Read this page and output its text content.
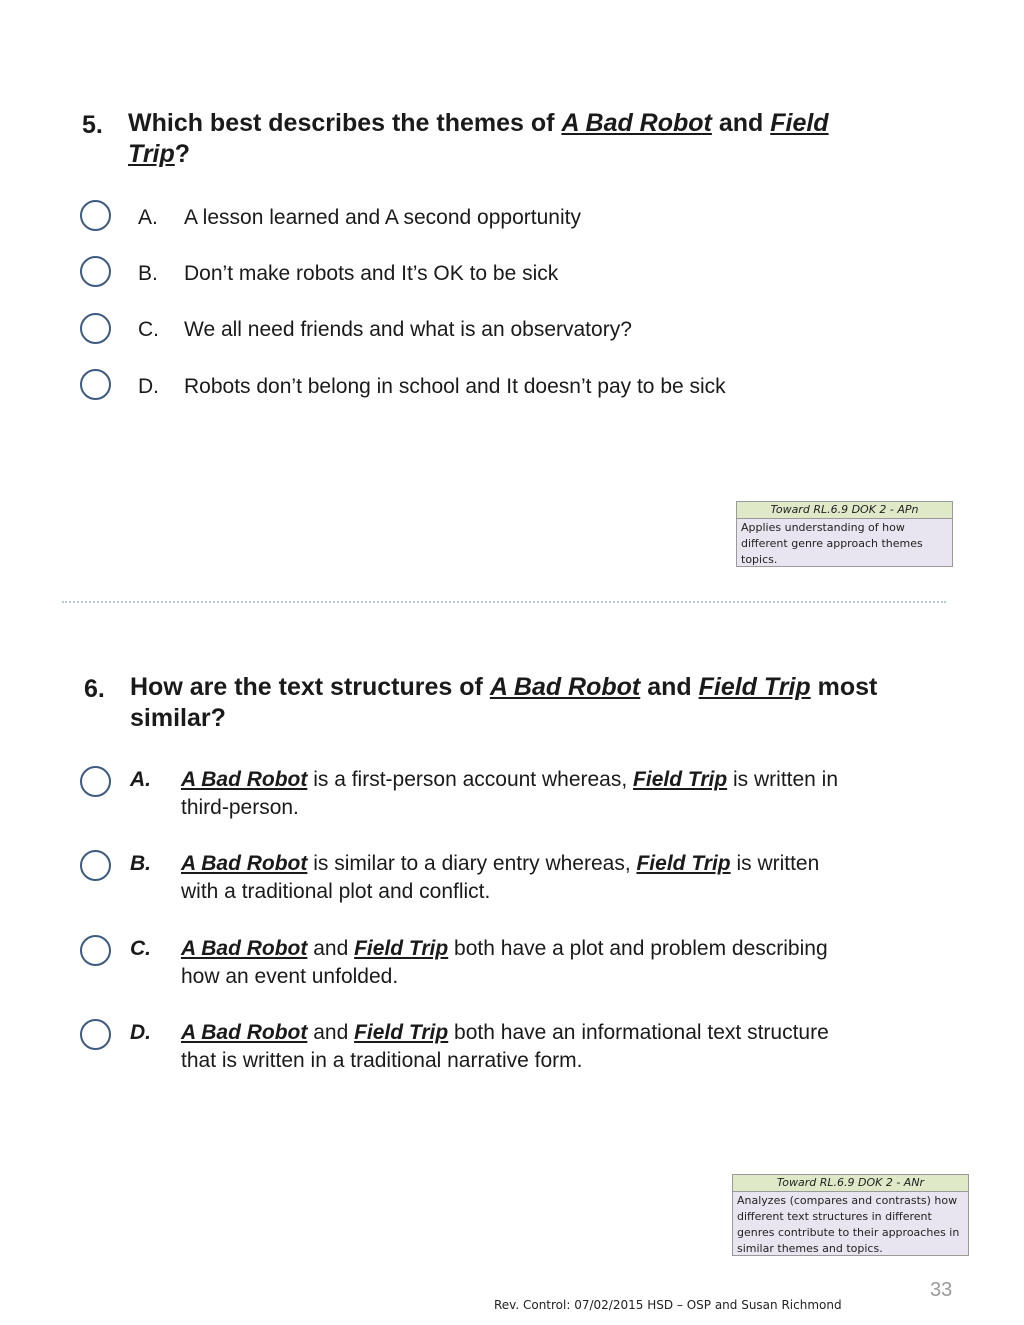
5. Which best describes the themes of A Bad Robot and Field
Trip?
A. A lesson learned and A second opportunity
B. Don’t make robots and It’s OK to be sick
C. We all need friends and what is an observatory?
D. Robots don’t belong in school and It doesn’t pay to be sick
Toward RL.6.9 DOK 2 - APn
Applies understanding of how different genre approach themes topics.
6. How are the text structures of A Bad Robot and Field Trip most
similar?
A. A Bad Robot is a first-person account whereas, Field Trip is written in
third-person.
B. A Bad Robot is similar to a diary entry whereas, Field Trip is written
with a traditional plot and conflict.
C. A Bad Robot and Field Trip both have a plot and problem describing
how an event unfolded.
D. A Bad Robot and Field Trip both have an informational text structure
that is written in a traditional narrative form.
Toward RL.6.9 DOK 2 - ANr
Analyzes (compares and contrasts) how different text structures in different genres contribute to their approaches in similar themes and topics.
33
Rev. Control: 07/02/2015 HSD – OSP and Susan Richmond
